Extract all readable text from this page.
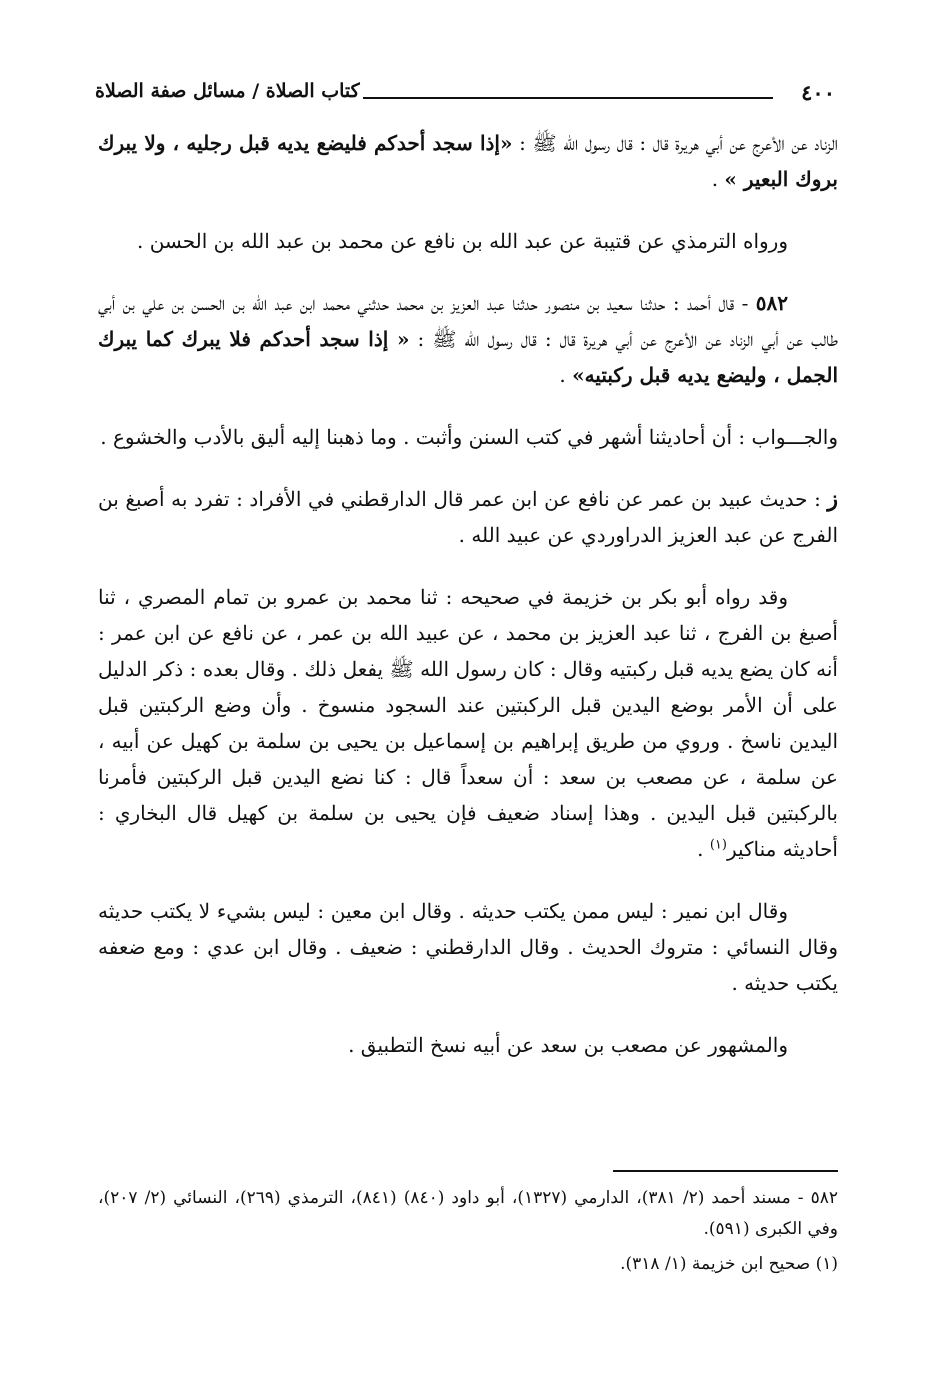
٤٠٠
كتاب الصلاة / مسائل صفة الصلاة

الزناد عن الأعرج عن أبي هريرة قال : قال رسول الله ﷺ : «إذا سجد أحدكم فليضع يديه قبل رجليه ، ولا يبرك بروك البعير » .

ورواه الترمذي عن قتيبة عن عبد الله بن نافع عن محمد بن عبد الله بن الحسن .

٥٨٢ - قال أحمد : حدثنا سعيد بن منصور حدثنا عبد العزيز بن محمد حدثني محمد ابن عبد الله بن الحسن بن علي بن أبي طالب عن أبي الزناد عن الأعرج عن أبي هريرة قال : قال رسول الله ﷺ : « إذا سجد أحدكم فلا يبرك كما يبرك الجمل ، وليضع يديه قبل ركبتيه» .

والجـــواب : أن أحاديثنا أشهر في كتب السنن وأثبت . وما ذهبنا إليه أليق بالأدب والخشوع .

ز : حديث عبيد بن عمر عن نافع عن ابن عمر قال الدارقطني في الأفراد : تفرد به أصبغ بن الفرج عن عبد العزيز الدراوردي عن عبيد الله .

وقد رواه أبو بكر بن خزيمة في صحيحه : ثنا محمد بن عمرو بن تمام المصري ، ثنا أصبغ بن الفرج ، ثنا عبد العزيز بن محمد ، عن عبيد الله بن عمر ، عن نافع عن ابن عمر : أنه كان يضع يديه قبل ركبتيه وقال : كان رسول الله ﷺ يفعل ذلك . وقال بعده : ذكر الدليل على أن الأمر بوضع اليدين قبل الركبتين عند السجود منسوخ . وأن وضع الركبتين قبل اليدين ناسخ . وروي من طريق إبراهيم بن إسماعيل بن يحيى بن سلمة بن كهيل عن أبيه ، عن سلمة ، عن مصعب بن سعد : أن سعداً قال : كنا نضع اليدين قبل الركبتين فأمرنا بالركبتين قبل اليدين . وهذا إسناد ضعيف فإن يحيى بن سلمة بن كهيل قال البخاري : أحاديثه مناكير$^{(١)}$ .

وقال ابن نمير : ليس ممن يكتب حديثه . وقال ابن معين : ليس بشيء لا يكتب حديثه وقال النسائي : متروك الحديث . وقال الدارقطني : ضعيف . وقال ابن عدي : ومع ضعفه يكتب حديثه .

والمشهور عن مصعب بن سعد عن أبيه نسخ التطبيق .

٥٨٢ - مسند أحمد (٢/ ٣٨١)، الدارمي (١٣٢٧)، أبو داود (٨٤٠) (٨٤١)، الترمذي (٢٦٩)، النسائي (٢/ ٢٠٧)، وفي الكبرى (٥٩١).

(١) صحيح ابن خزيمة (١/ ٣١٨).
